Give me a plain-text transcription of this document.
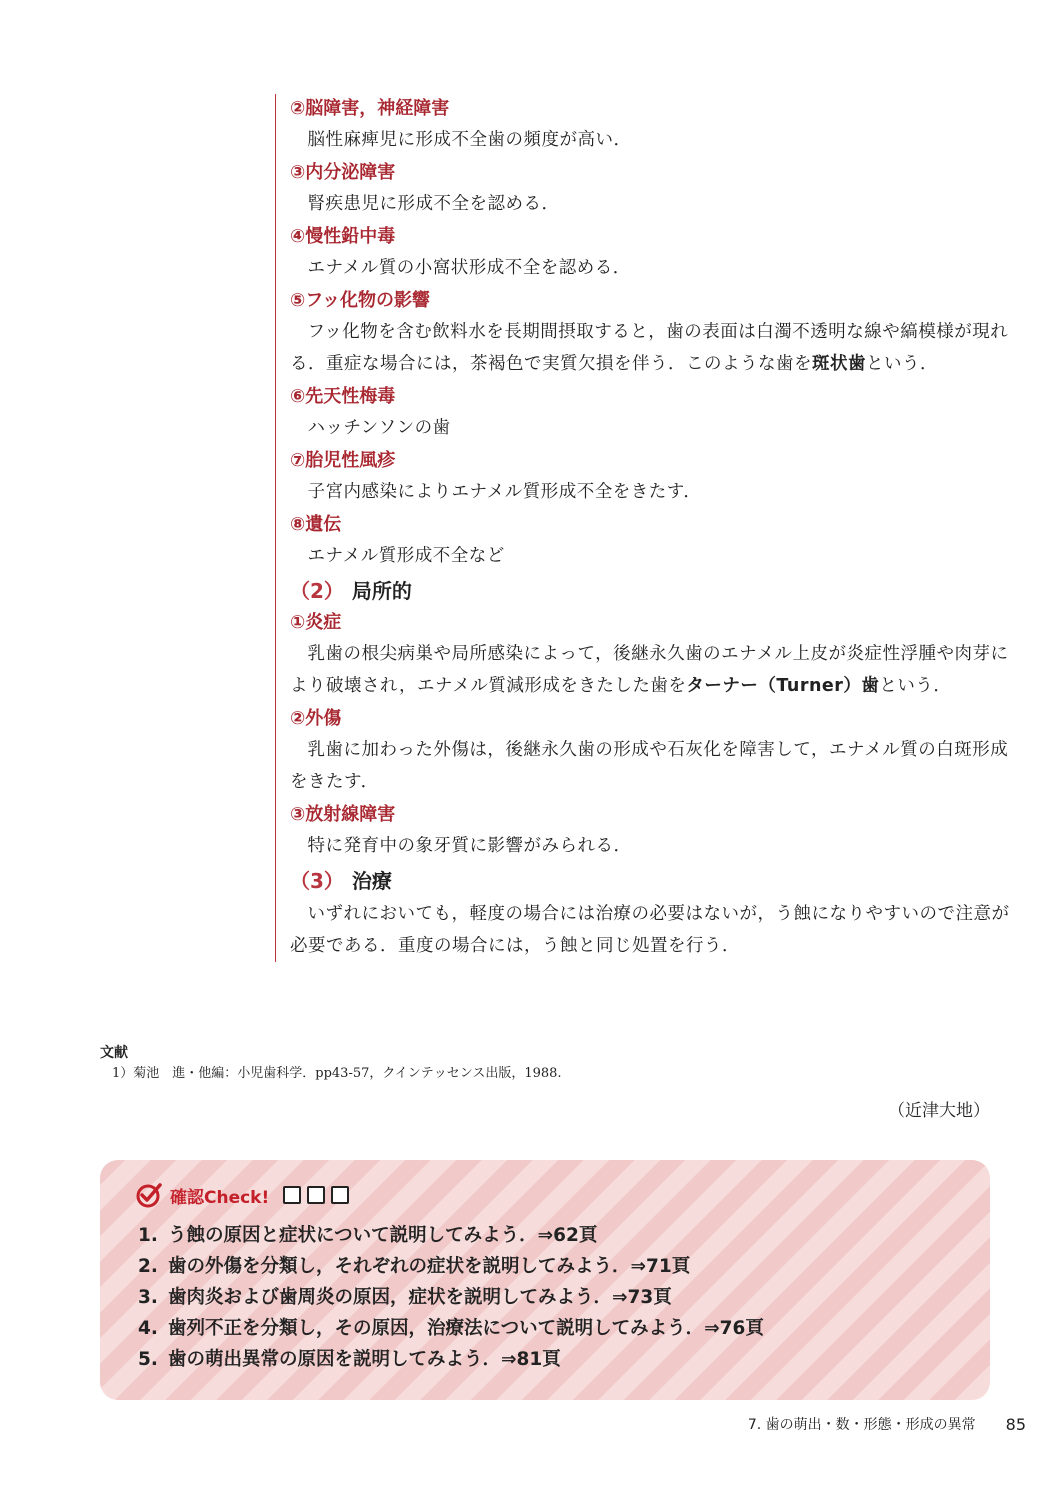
②脳障害，神経障害
脳性麻痺児に形成不全歯の頻度が高い．
③内分泌障害
腎疾患児に形成不全を認める．
④慢性鉛中毒
エナメル質の小窩状形成不全を認める．
⑤フッ化物の影響
フッ化物を含む飲料水を長期間摂取すると，歯の表面は白濁不透明な線や縞模様が現れる．重症な場合には，茶褐色で実質欠損を伴う．このような歯を斑状歯という．
⑥先天性梅毒
ハッチンソンの歯
⑦胎児性風疹
子宮内感染によりエナメル質形成不全をきたす．
⑧遺伝
エナメル質形成不全など
（2） 局所的
①炎症
乳歯の根尖病巣や局所感染によって，後継永久歯のエナメル上皮が炎症性浮腫や肉芽により破壊され，エナメル質減形成をきたした歯をターナー（Turner）歯という．
②外傷
乳歯に加わった外傷は，後継永久歯の形成や石灰化を障害して，エナメル質の白斑形成をきたす．
③放射線障害
特に発育中の象牙質に影響がみられる．
（3） 治療
いずれにおいても，軽度の場合には治療の必要はないが，う蝕になりやすいので注意が必要である．重度の場合には，う蝕と同じ処置を行う．
文献
1）菊池　進・他編：小児歯科学．pp43-57，クインテッセンス出版，1988.
（近津大地）
確認Check!
1. う蝕の原因と症状について説明してみよう．⇒62頁
2. 歯の外傷を分類し，それぞれの症状を説明してみよう．⇒71頁
3. 歯肉炎および歯周炎の原因，症状を説明してみよう．⇒73頁
4. 歯列不正を分類し，その原因，治療法について説明してみよう．⇒76頁
5. 歯の萌出異常の原因を説明してみよう．⇒81頁
7. 歯の萌出・数・形態・形成の異常 85
